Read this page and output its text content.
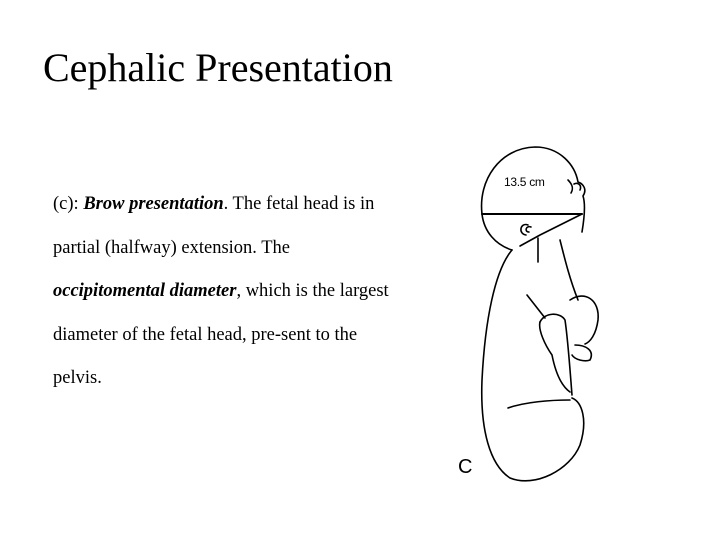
Cephalic Presentation
(c): Brow presentation. The fetal head is in partial (halfway) extension. The occipitomental diameter, which is the largest diameter of the fetal head, pre-sent to the pelvis.
13.5 cm
C
